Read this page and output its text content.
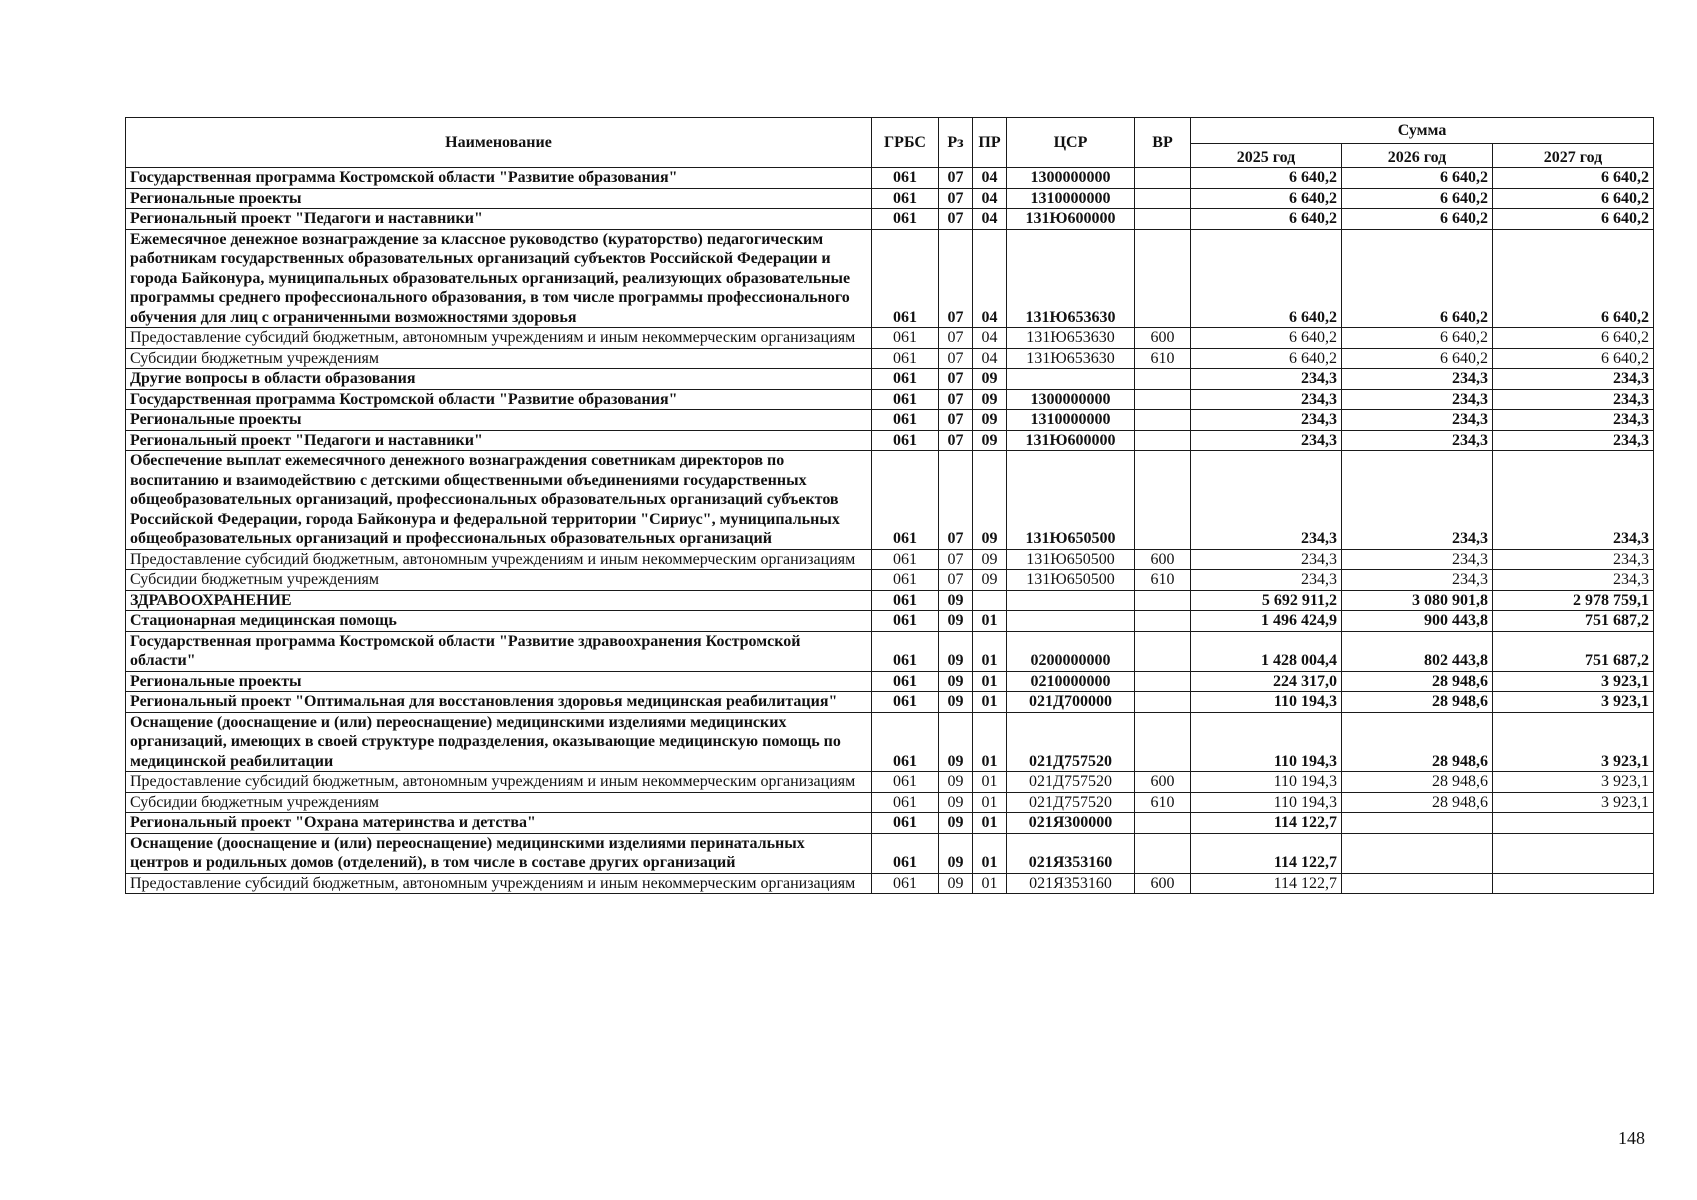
Наименование	ГРБС	Рз	ПР	ЦСР	ВР	Сумма		
						2025 год	2026 год	2027 год
Государственная программа Костромской области "Развитие образования"	061	07	04	1300000000		6 640,2	6 640,2	6 640,2
Региональные проекты	061	07	04	1310000000		6 640,2	6 640,2	6 640,2
Региональный проект "Педагоги и наставники"	061	07	04	131Ю600000		6 640,2	6 640,2	6 640,2
Ежемесячное денежное вознаграждение за классное руководство (кураторство) педагогическим работникам государственных образовательных организаций субъектов Российской Федерации и города Байконура, муниципальных образовательных организаций, реализующих образовательные программы среднего профессионального образования, в том числе программы профессионального обучения для лиц с ограниченными возможностями здоровья	061	07	04	131Ю653630		6 640,2	6 640,2	6 640,2
Предоставление субсидий бюджетным, автономным учреждениям и иным некоммерческим организациям	061	07	04	131Ю653630	600	6 640,2	6 640,2	6 640,2
Субсидии бюджетным учреждениям	061	07	04	131Ю653630	610	6 640,2	6 640,2	6 640,2
Другие вопросы в области образования	061	07	09			234,3	234,3	234,3
Государственная программа Костромской области "Развитие образования"	061	07	09	1300000000		234,3	234,3	234,3
Региональные проекты	061	07	09	1310000000		234,3	234,3	234,3
Региональный проект "Педагоги и наставники"	061	07	09	131Ю600000		234,3	234,3	234,3
Обеспечение выплат ежемесячного денежного вознаграждения советникам директоров по воспитанию и взаимодействию с детскими общественными объединениями государственных общеобразовательных организаций, профессиональных образовательных организаций субъектов Российской Федерации, города Байконура и федеральной территории "Сириус", муниципальных общеобразовательных организаций и профессиональных образовательных организаций	061	07	09	131Ю650500		234,3	234,3	234,3
Предоставление субсидий бюджетным, автономным учреждениям и иным некоммерческим организациям	061	07	09	131Ю650500	600	234,3	234,3	234,3
Субсидии бюджетным учреждениям	061	07	09	131Ю650500	610	234,3	234,3	234,3
ЗДРАВООХРАНЕНИЕ	061	09				5 692 911,2	3 080 901,8	2 978 759,1
Стационарная медицинская помощь	061	09	01			1 496 424,9	900 443,8	751 687,2
Государственная программа Костромской области "Развитие здравоохранения Костромской области"	061	09	01	0200000000		1 428 004,4	802 443,8	751 687,2
Региональные проекты	061	09	01	0210000000		224 317,0	28 948,6	3 923,1
Региональный проект "Оптимальная для восстановления здоровья медицинская реабилитация"	061	09	01	021Д700000		110 194,3	28 948,6	3 923,1
Оснащение (дооснащение и (или) переоснащение) медицинскими изделиями медицинских организаций, имеющих в своей структуре подразделения, оказывающие медицинскую помощь по медицинской реабилитации	061	09	01	021Д757520		110 194,3	28 948,6	3 923,1
Предоставление субсидий бюджетным, автономным учреждениям и иным некоммерческим организациям	061	09	01	021Д757520	600	110 194,3	28 948,6	3 923,1
Субсидии бюджетным учреждениям	061	09	01	021Д757520	610	110 194,3	28 948,6	3 923,1
Региональный проект "Охрана материнства и детства"	061	09	01	021Я300000		114 122,7		
Оснащение (дооснащение и (или) переоснащение) медицинскими изделиями перинатальных центров и родильных домов (отделений), в том числе в составе других организаций	061	09	01	021Я353160		114 122,7		
Предоставление субсидий бюджетным, автономным учреждениям и иным некоммерческим организациям	061	09	01	021Я353160	600	114 122,7		
148
